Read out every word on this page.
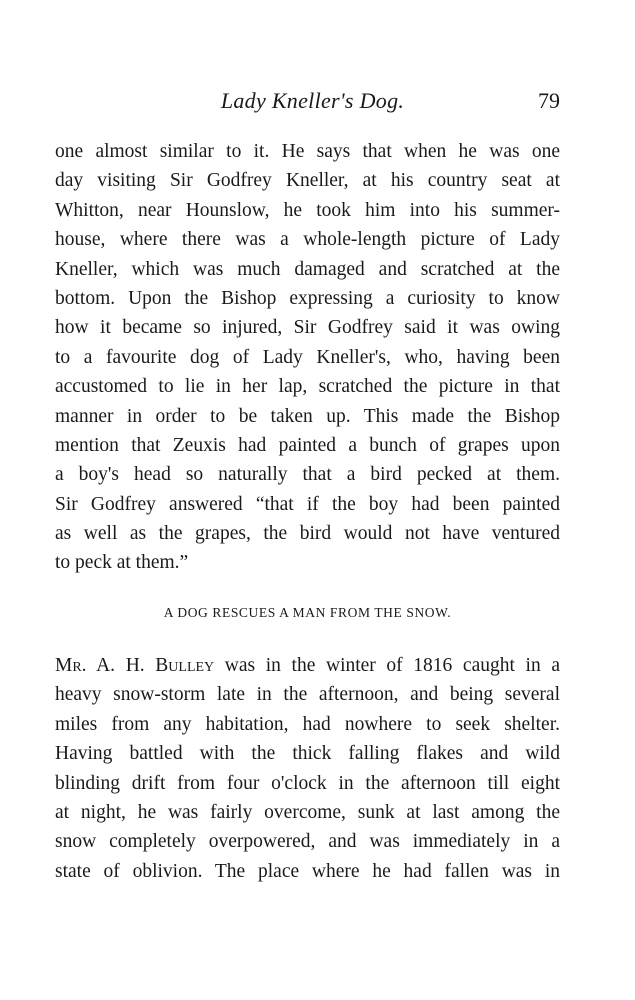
Lady Kneller's Dog.	79
one almost similar to it. He says that when he was one
day visiting Sir Godfrey Kneller, at his country seat at
Whitton, near Hounslow, he took him into his summer-
house, where there was a whole-length picture of Lady
Kneller, which was much damaged and scratched at the
bottom. Upon the Bishop expressing a curiosity to know
how it became so injured, Sir Godfrey said it was owing
to a favourite dog of Lady Kneller's, who, having been
accustomed to lie in her lap, scratched the picture in that
manner in order to be taken up. This made the Bishop
mention that Zeuxis had painted a bunch of grapes upon
a boy's head so naturally that a bird pecked at them.
Sir Godfrey answered “that if the boy had been painted
as well as the grapes, the bird would not have ventured
to peck at them.”
A DOG RESCUES A MAN FROM THE SNOW.
Mr. A. H. Bulley was in the winter of 1816 caught in a
heavy snow-storm late in the afternoon, and being several
miles from any habitation, had nowhere to seek shelter.
Having battled with the thick falling flakes and wild
blinding drift from four o'clock in the afternoon till eight
at night, he was fairly overcome, sunk at last among the
snow completely overpowered, and was immediately in a
state of oblivion. The place where he had fallen was in
